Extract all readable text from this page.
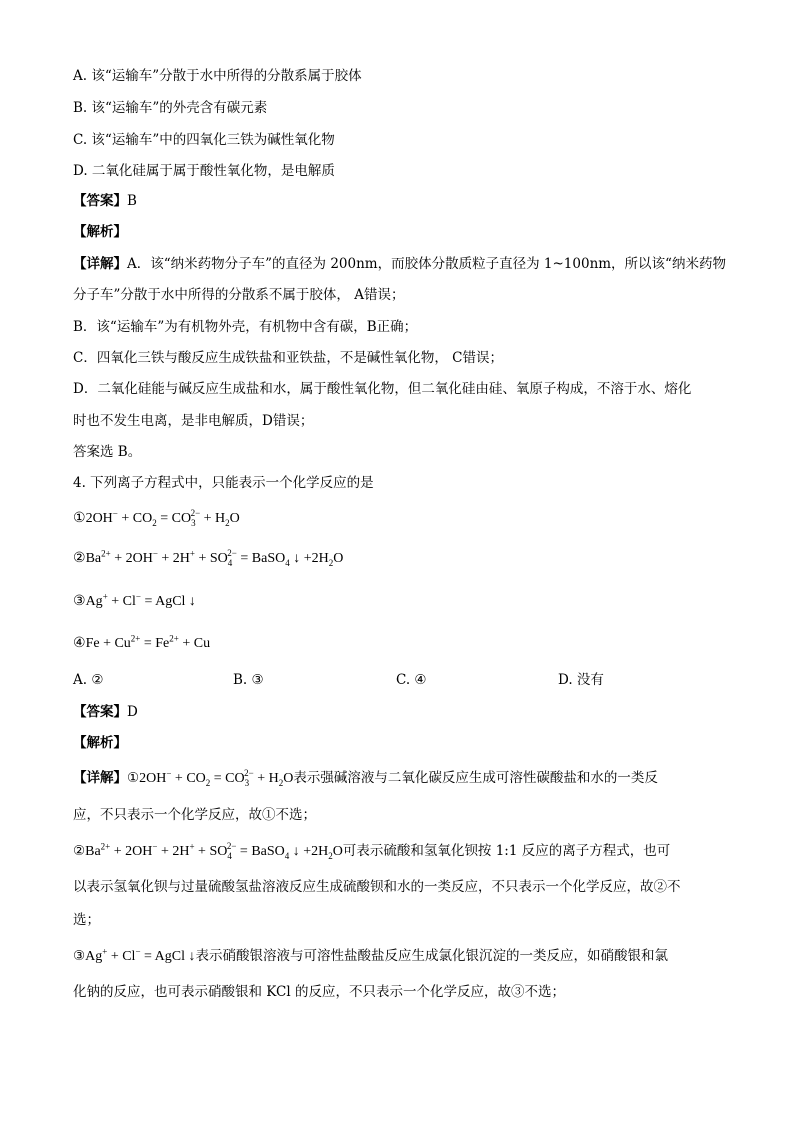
A. 该“运输车”分散于水中所得的分散系属于胶体
B. 该“运输车”的外壳含有碳元素
C. 该“运输车”中的四氧化三铁为碱性氧化物
D. 二氧化硅属于属于酸性氧化物，是电解质
【答案】B
【解析】
【详解】A．该“纳米药物分子车”的直径为 200nm，而胶体分散质粒子直径为 1~100nm，所以该“纳米药物
分子车”分散于水中所得的分散系不属于胶体， A错误；
B．该“运输车”为有机物外壳，有机物中含有碳，B正确；
C．四氧化三铁与酸反应生成铁盐和亚铁盐，不是碱性氧化物， C错误；
D．二氧化硅能与碱反应生成盐和水，属于酸性氧化物，但二氧化硅由硅、氧原子构成，不溶于水、熔化
时也不发生电离，是非电解质，D错误；
答案选 B。
4. 下列离子方程式中，只能表示一个化学反应的是
①2OH− + $CO_2 = CO_3^{2-} + H_2O$
$②Ba^{2+} + 2OH^- + 2H^+ + SO_4^{2-}$ = BaSO$_4$ ↓ $+2H_2O$
③Ag+ + Cl− = AgCl ↓
④Fe + $Cu^{2+} = Fe^{2+} + Cu$
A. ②	B. ③	C. ④	D. 没有
【答案】D
【解析】
【详解】①2OH− + $CO_2 = CO_3^{2-} + H_2O$表示强碱溶液与二氧化碳反应生成可溶性碳酸盐和水的一类反
应，不只表示一个化学反应，故①不选；
$②Ba^{2+} + 2OH^- + 2H^+ + SO_4^{2-}$ = BaSO$_4$ ↓ $+2H_2O$可表示硫酸和氢氧化钡按 1:1 反应的离子方程式，也可
以表示氢氧化钡与过量硫酸氢盐溶液反应生成硫酸钡和水的一类反应，不只表示一个化学反应，故②不
选；
③Ag+ + Cl− = AgCl ↓表示硝酸银溶液与可溶性盐酸盐反应生成氯化银沉淀的一类反应，如硝酸银和氯
化钠的反应，也可表示硝酸银和 KCl 的反应，不只表示一个化学反应，故③不选；
